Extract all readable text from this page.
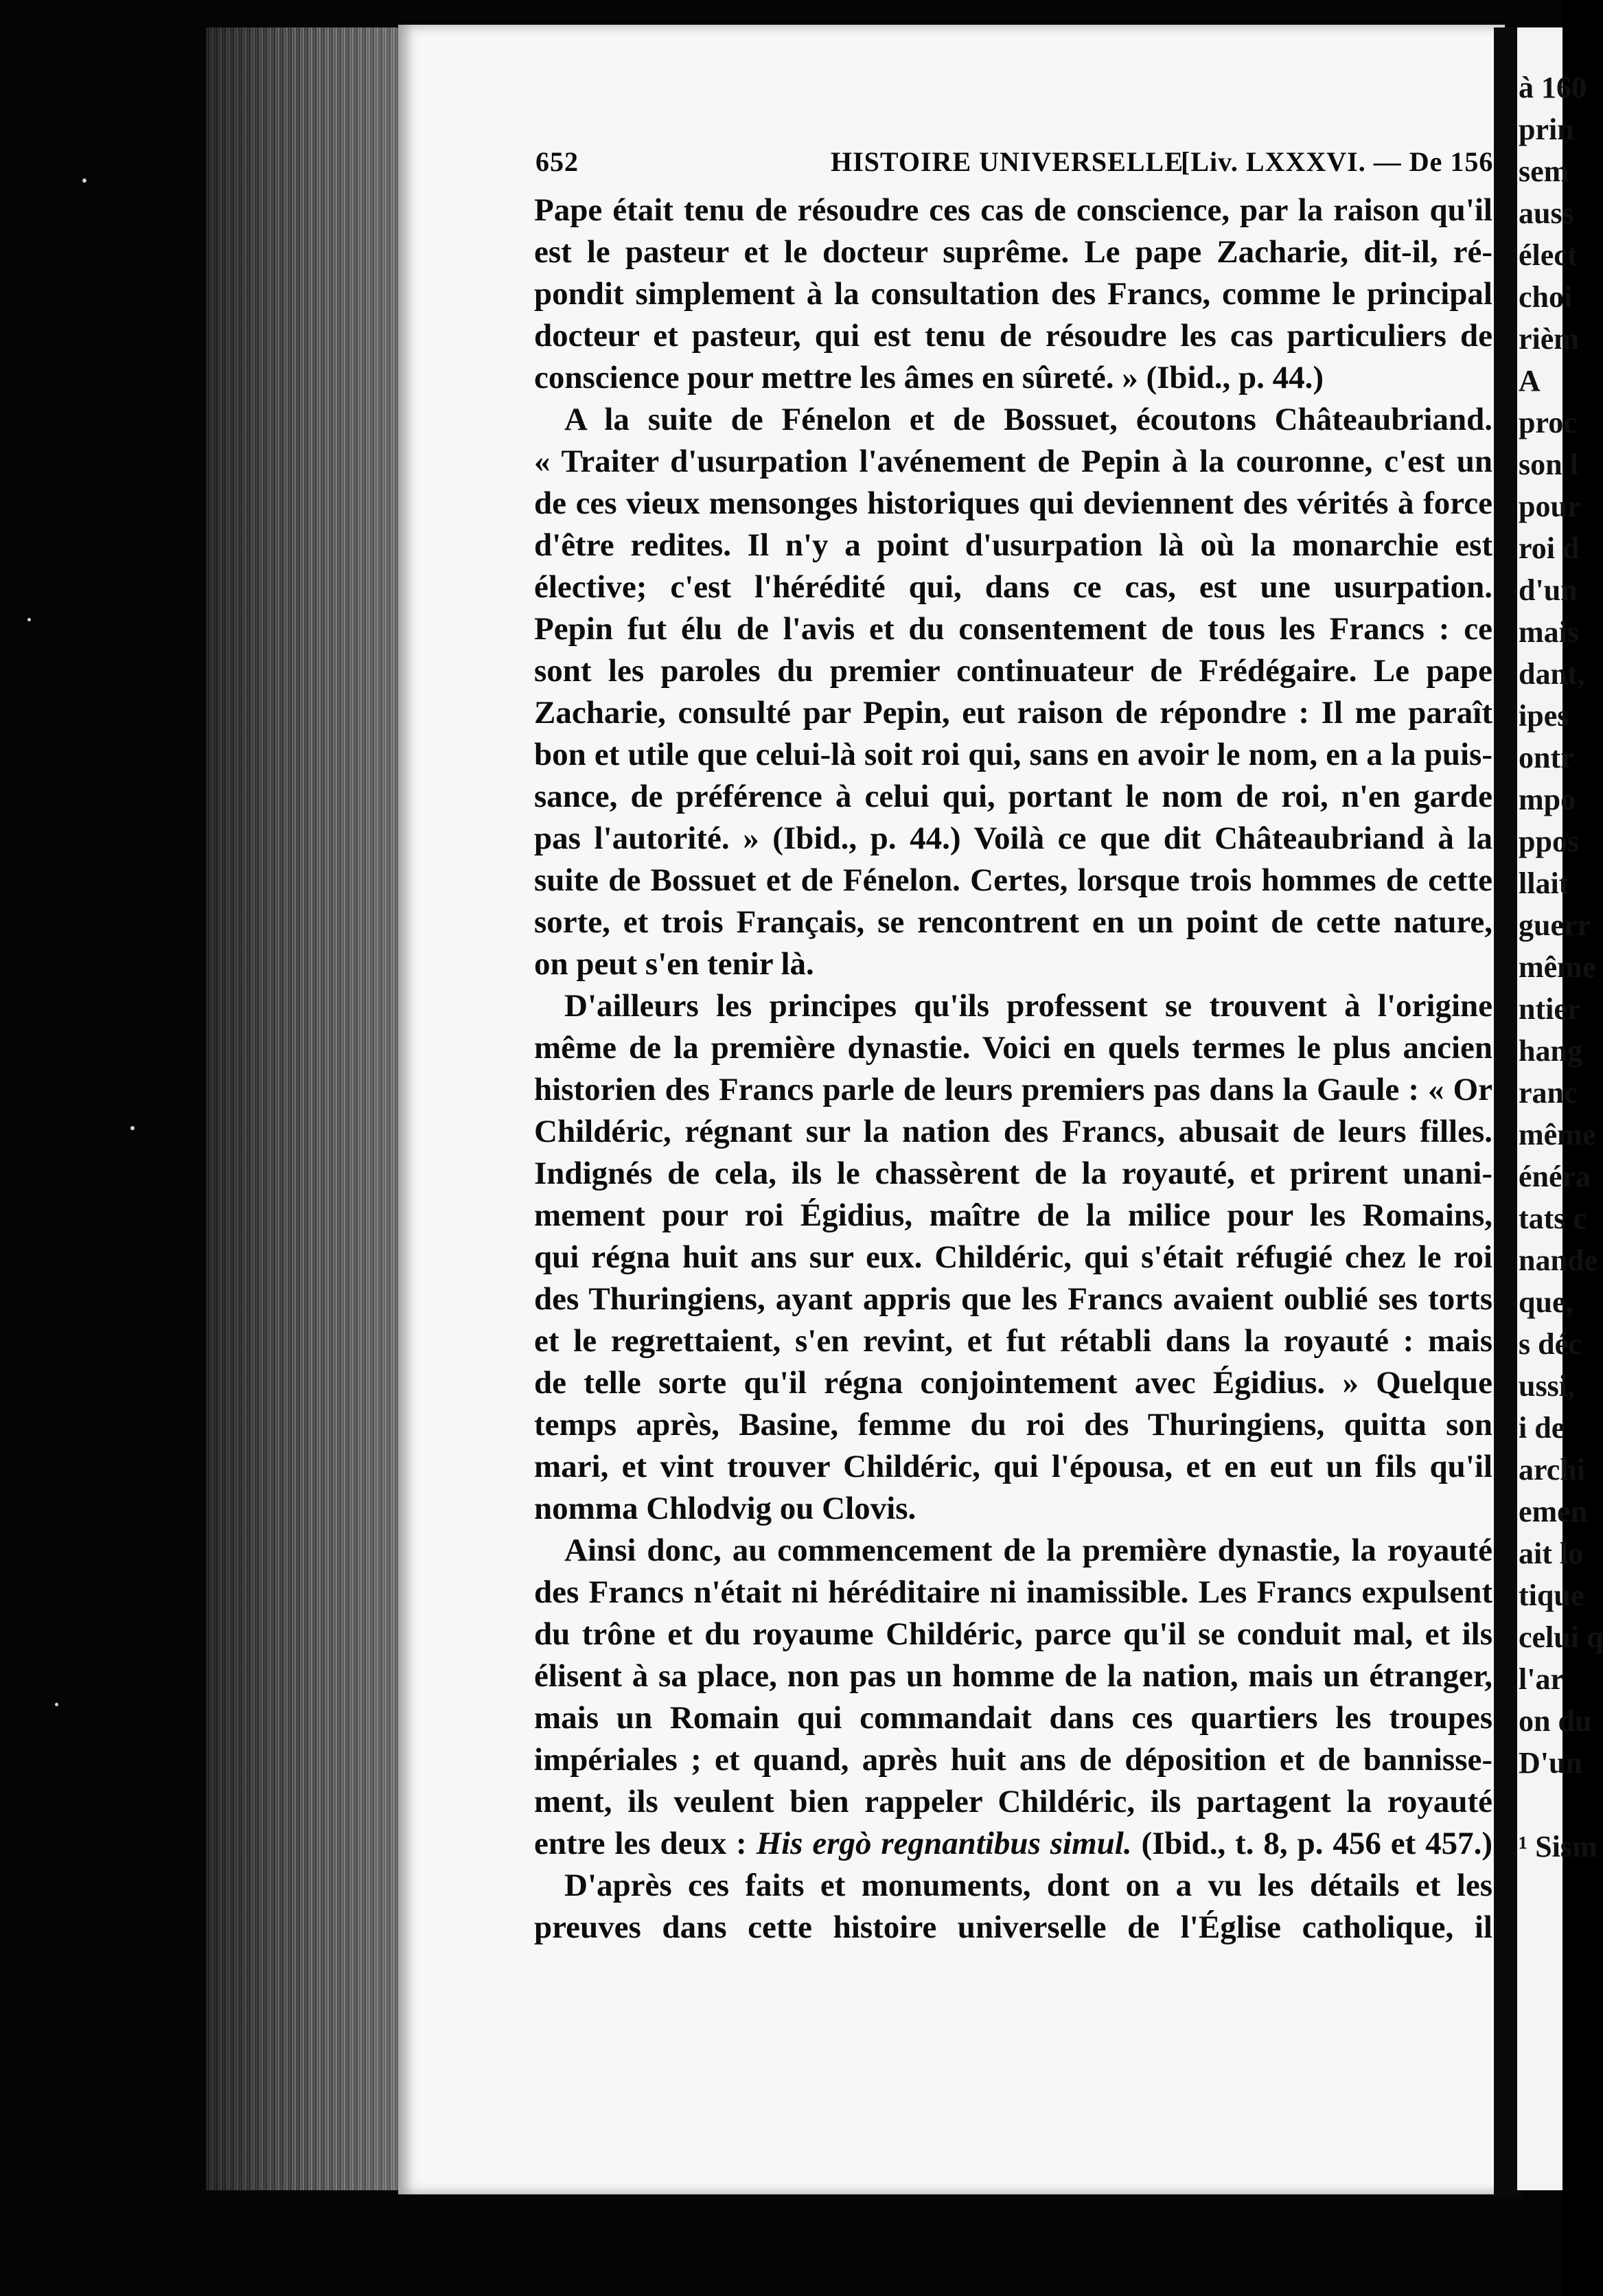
à 160
prin
sem
auss
élect
choi
rièm
A
proc
son l
pour
roi d
d'un
mais
dant,
ipes
ontr
mpo
ppos
llait
guerr
même
ntier
hang
ranc
même
énéra
tats c
nande
que,
s déc
ussi,
i de
archi
emen
ait lo
tique
celui q
l'ar
on du
D'un
¹ Sism
652	HISTOIRE UNIVERSELLE
[Liv. LXXXVI. — De 156
Pape était tenu de résoudre ces cas de conscience, par la raison qu'il
est le pasteur et le docteur suprême. Le pape Zacharie, dit-il, ré-
pondit simplement à la consultation des Francs, comme le principal
docteur et pasteur, qui est tenu de résoudre les cas particuliers de
conscience pour mettre les âmes en sûreté. » (Ibid., p. 44.)
A la suite de Fénelon et de Bossuet, écoutons Châteaubriand.
« Traiter d'usurpation l'avénement de Pepin à la couronne, c'est un
de ces vieux mensonges historiques qui deviennent des vérités à force
d'être redites. Il n'y a point d'usurpation là où la monarchie est
élective; c'est l'hérédité qui, dans ce cas, est une usurpation.
Pepin fut élu de l'avis et du consentement de tous les Francs : ce
sont les paroles du premier continuateur de Frédégaire. Le pape
Zacharie, consulté par Pepin, eut raison de répondre : Il me paraît
bon et utile que celui-là soit roi qui, sans en avoir le nom, en a la puis-
sance, de préférence à celui qui, portant le nom de roi, n'en garde
pas l'autorité. » (Ibid., p. 44.) Voilà ce que dit Châteaubriand à la
suite de Bossuet et de Fénelon. Certes, lorsque trois hommes de cette
sorte, et trois Français, se rencontrent en un point de cette nature,
on peut s'en tenir là.
D'ailleurs les principes qu'ils professent se trouvent à l'origine
même de la première dynastie. Voici en quels termes le plus ancien
historien des Francs parle de leurs premiers pas dans la Gaule : « Or
Childéric, régnant sur la nation des Francs, abusait de leurs filles.
Indignés de cela, ils le chassèrent de la royauté, et prirent unani-
mement pour roi Égidius, maître de la milice pour les Romains,
qui régna huit ans sur eux. Childéric, qui s'était réfugié chez le roi
des Thuringiens, ayant appris que les Francs avaient oublié ses torts
et le regrettaient, s'en revint, et fut rétabli dans la royauté : mais
de telle sorte qu'il régna conjointement avec Égidius. » Quelque
temps après, Basine, femme du roi des Thuringiens, quitta son
mari, et vint trouver Childéric, qui l'épousa, et en eut un fils qu'il
nomma Chlodvig ou Clovis.
Ainsi donc, au commencement de la première dynastie, la royauté
des Francs n'était ni héréditaire ni inamissible. Les Francs expulsent
du trône et du royaume Childéric, parce qu'il se conduit mal, et ils
élisent à sa place, non pas un homme de la nation, mais un étranger,
mais un Romain qui commandait dans ces quartiers les troupes
impériales ; et quand, après huit ans de déposition et de bannisse-
ment, ils veulent bien rappeler Childéric, ils partagent la royauté
entre les deux : His ergò regnantibus simul. (Ibid., t. 8, p. 456 et 457.)
D'après ces faits et monuments, dont on a vu les détails et les
preuves dans cette histoire universelle de l'Église catholique, il
